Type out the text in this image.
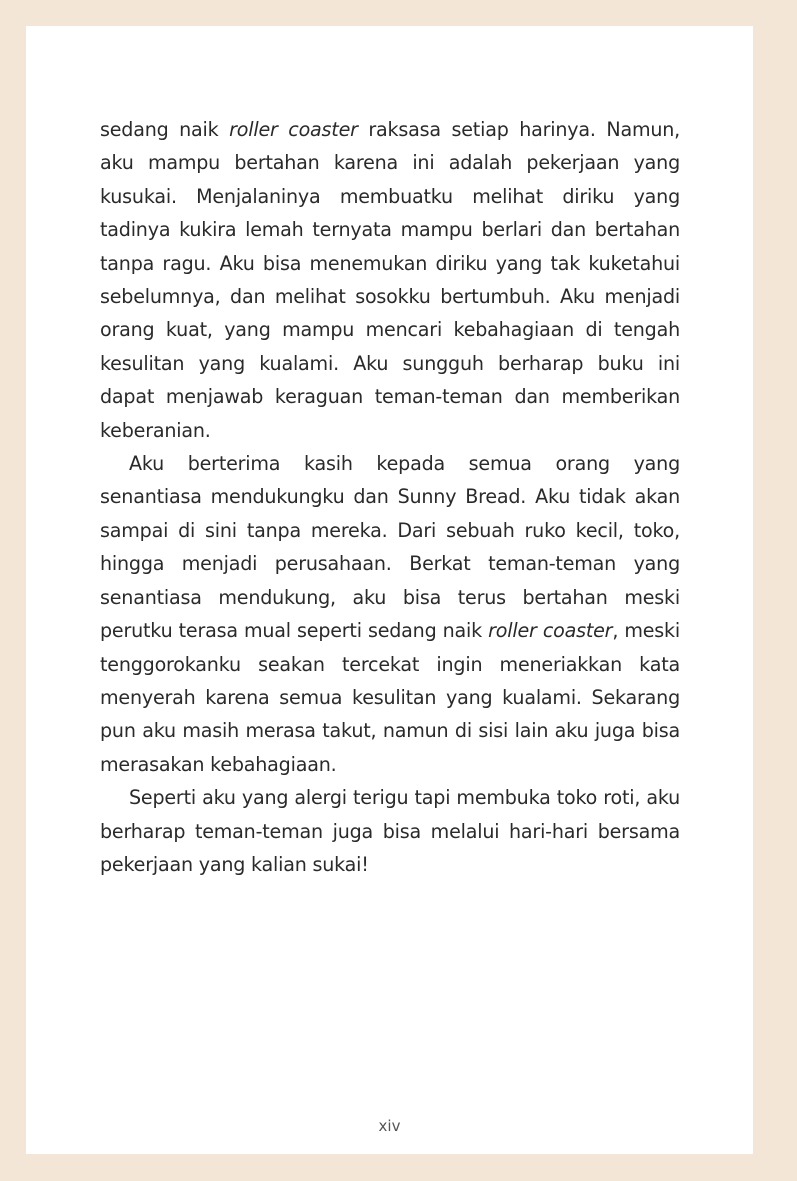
sedang naik roller coaster raksasa setiap harinya. Namun, aku mampu bertahan karena ini adalah pekerjaan yang kusukai. Menjalaninya membuatku melihat diriku yang tadinya kukira lemah ternyata mampu berlari dan bertahan tanpa ragu. Aku bisa menemukan diriku yang tak kuketahui sebelumnya, dan melihat sosokku bertumbuh. Aku menjadi orang kuat, yang mampu mencari kebahagiaan di tengah kesulitan yang kualami. Aku sungguh berharap buku ini dapat menjawab keraguan teman-teman dan memberikan keberanian.

Aku berterima kasih kepada semua orang yang senantiasa mendukungku dan Sunny Bread. Aku tidak akan sampai di sini tanpa mereka. Dari sebuah ruko kecil, toko, hingga menjadi perusahaan. Berkat teman-teman yang senantiasa mendukung, aku bisa terus bertahan meski perutku terasa mual seperti sedang naik roller coaster, meski tenggorokanku seakan tercekat ingin meneriakkan kata menyerah karena semua kesulitan yang kualami. Sekarang pun aku masih merasa takut, namun di sisi lain aku juga bisa merasakan kebahagiaan.

Seperti aku yang alergi terigu tapi membuka toko roti, aku berharap teman-teman juga bisa melalui hari-hari bersama pekerjaan yang kalian sukai!

xiv
